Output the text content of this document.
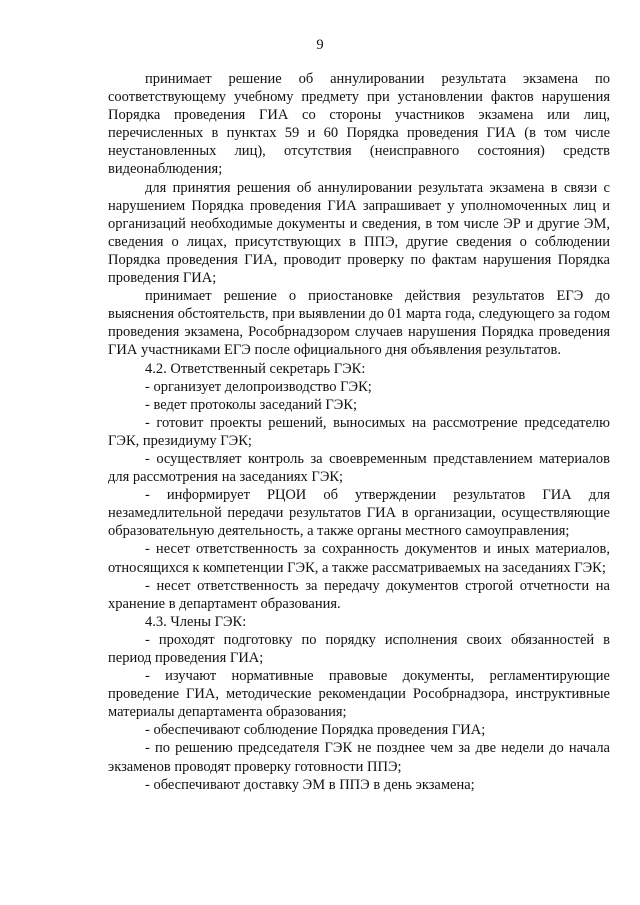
9

принимает решение об аннулировании результата экзамена по соответствующему учебному предмету при установлении фактов нарушения Порядка проведения ГИА со стороны участников экзамена или лиц, перечисленных в пунктах 59 и 60 Порядка проведения ГИА (в том числе неустановленных лиц), отсутствия (неисправного состояния) средств видеонаблюдения;

для принятия решения об аннулировании результата экзамена в связи с нарушением Порядка проведения ГИА запрашивает у уполномоченных лиц и организаций необходимые документы и сведения, в том числе ЭР и другие ЭМ, сведения о лицах, присутствующих в ППЭ, другие сведения о соблюдении Порядка проведения ГИА, проводит проверку по фактам нарушения Порядка проведения ГИА;

принимает решение о приостановке действия результатов ЕГЭ до выяснения обстоятельств, при выявлении до 01 марта года, следующего за годом проведения экзамена, Рособрнадзором случаев нарушения Порядка проведения ГИА участниками ЕГЭ после официального дня объявления результатов.

4.2. Ответственный секретарь ГЭК:

- организует делопроизводство ГЭК;

- ведет протоколы заседаний ГЭК;

- готовит проекты решений, выносимых на рассмотрение председателю ГЭК, президиуму ГЭК;

- осуществляет контроль за своевременным представлением материалов для рассмотрения на заседаниях ГЭК;

- информирует РЦОИ об утверждении результатов ГИА для незамедлительной передачи результатов ГИА в организации, осуществляющие образовательную деятельность, а также органы местного самоуправления;

- несет ответственность за сохранность документов и иных материалов, относящихся к компетенции ГЭК, а также рассматриваемых на заседаниях ГЭК;

- несет ответственность за передачу документов строгой отчетности на хранение в департамент образования.

4.3. Члены ГЭК:

- проходят подготовку по порядку исполнения своих обязанностей в период проведения ГИА;

- изучают нормативные правовые документы, регламентирующие проведение ГИА, методические рекомендации Рособрнадзора, инструктивные материалы департамента образования;

- обеспечивают соблюдение Порядка проведения ГИА;

- по решению председателя ГЭК не позднее чем за две недели до начала экзаменов проводят проверку готовности ППЭ;

- обеспечивают доставку ЭМ в ППЭ в день экзамена;
